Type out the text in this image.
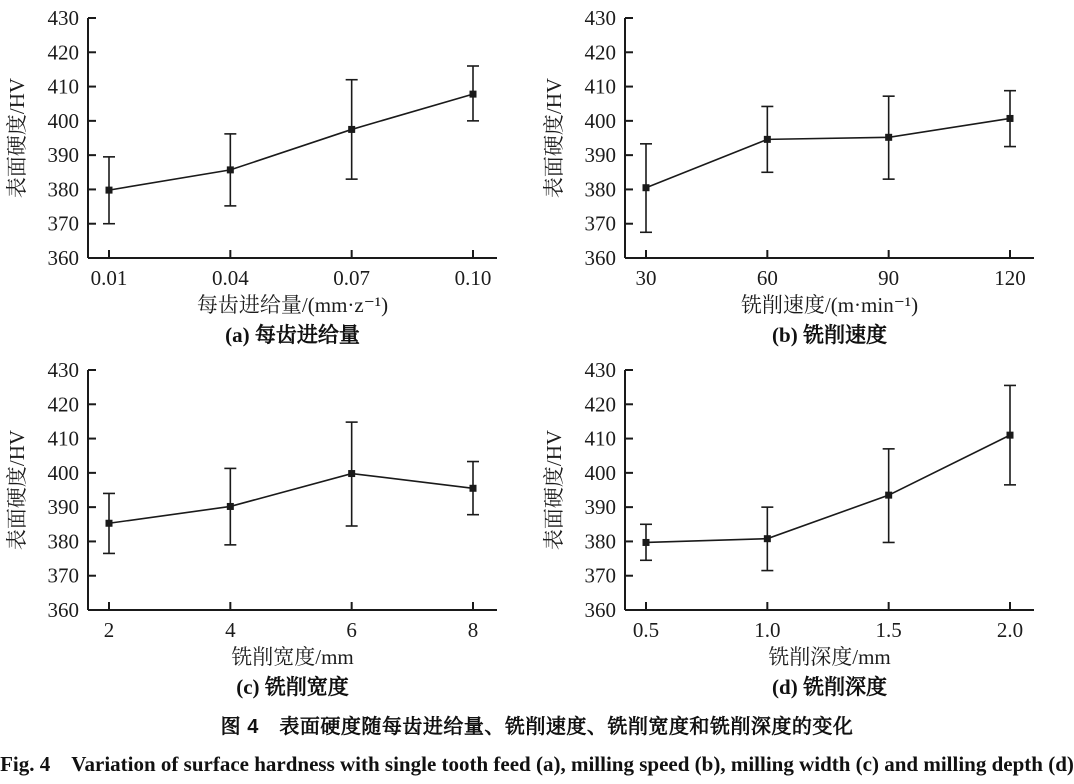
360
370
380
390
400
410
420
430
0.01	0.04	0.07	0.10
表面硬度/HV
每齿进给量/(mm·z⁻¹)
(a) 每齿进给量
360
370
380
390
400
410
420
430
30	60	90	120
表面硬度/HV
铣削速度/(m·min⁻¹)
(b) 铣削速度
360
370
380
390
400
410
420
430
2	4	6	8
表面硬度/HV
铣削宽度/mm
(c) 铣削宽度
360
370
380
390
400
410
420
430
0.5	1.0	1.5	2.0
表面硬度/HV
铣削深度/mm
(d) 铣削深度
图 4　表面硬度随每齿进给量、铣削速度、铣削宽度和铣削深度的变化
Fig. 4　Variation of surface hardness with single tooth feed (a), milling speed (b), milling width (c) and milling depth (d)
